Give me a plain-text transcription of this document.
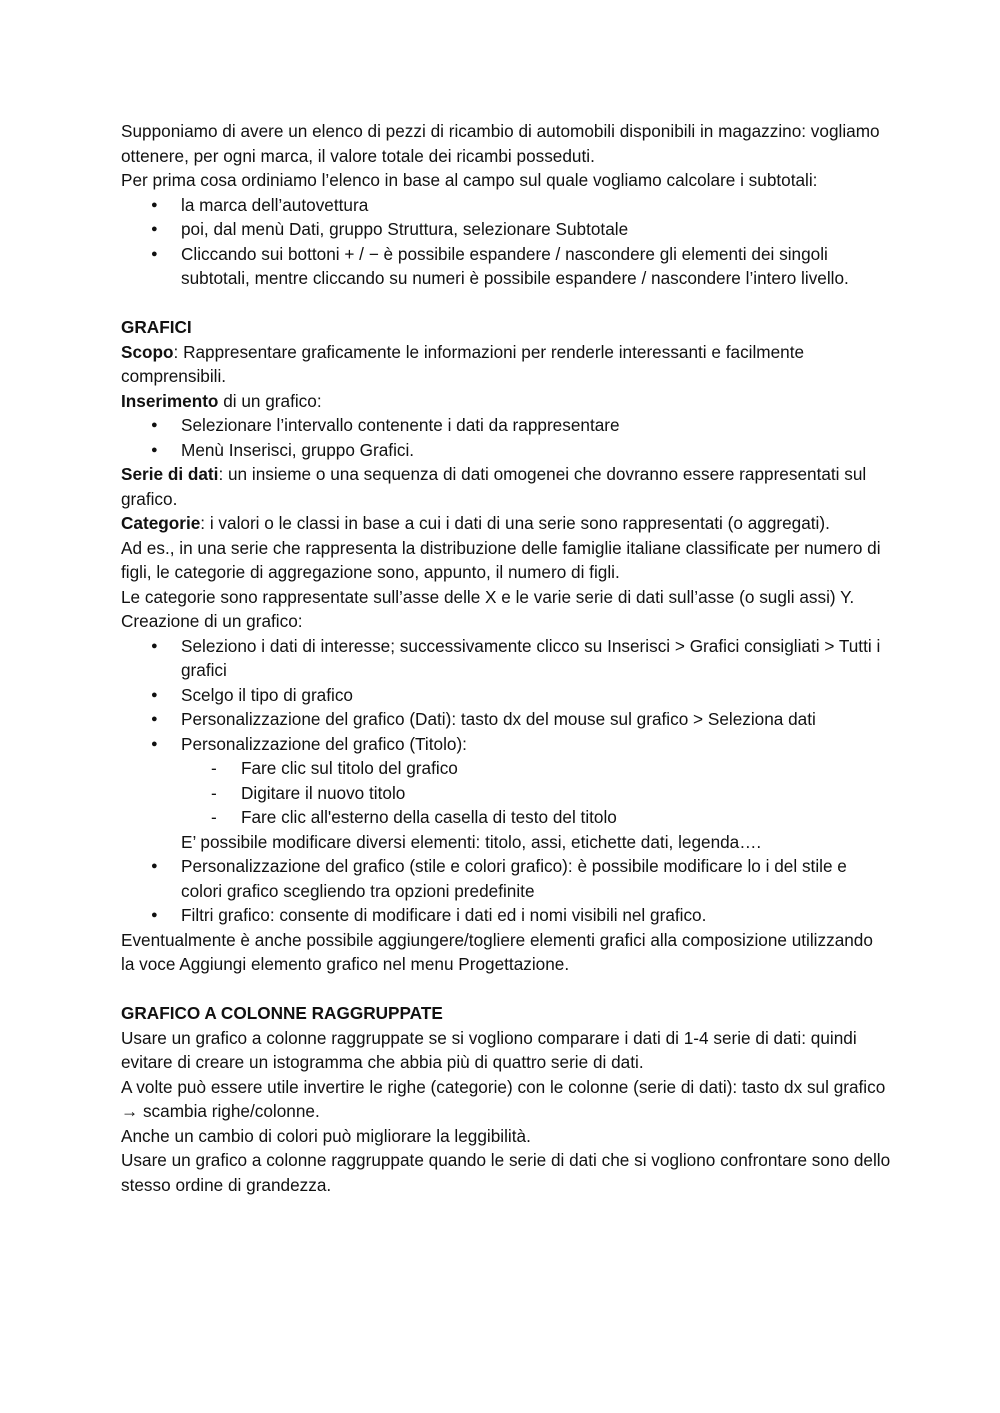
Supponiamo di avere un elenco di pezzi di ricambio di automobili disponibili in magazzino: vogliamo ottenere, per ogni marca, il valore totale dei ricambi posseduti.

Per prima cosa ordiniamo l’elenco in base al campo sul quale vogliamo calcolare i subtotali:

● la marca dell’autovettura
● poi, dal menù Dati, gruppo Struttura, selezionare Subtotale
● Cliccando sui bottoni + / − è possibile espandere / nascondere gli elementi dei singoli subtotali, mentre cliccando su numeri è possibile espandere / nascondere l’intero livello.

GRAFICI

Scopo: Rappresentare graficamente le informazioni per renderle interessanti e facilmente comprensibili.

Inserimento di un grafico:

● Selezionare l’intervallo contenente i dati da rappresentare
● Menù Inserisci, gruppo Grafici.

Serie di dati: un insieme o una sequenza di dati omogenei che dovranno essere rappresentati sul grafico.

Categorie: i valori o le classi in base a cui i dati di una serie sono rappresentati (o aggregati).

Ad es., in una serie che rappresenta la distribuzione delle famiglie italiane classificate per numero di figli, le categorie di aggregazione sono, appunto, il numero di figli.

Le categorie sono rappresentate sull’asse delle X e le varie serie di dati sull’asse (o sugli assi) Y.

Creazione di un grafico:

● Seleziono i dati di interesse; successivamente clicco su Inserisci > Grafici consigliati > Tutti i grafici
● Scelgo il tipo di grafico
● Personalizzazione del grafico (Dati): tasto dx del mouse sul grafico > Seleziona dati
● Personalizzazione del grafico (Titolo):
- Fare clic sul titolo del grafico
- Digitare il nuovo titolo
- Fare clic all'esterno della casella di testo del titolo

E’ possibile modificare diversi elementi: titolo, assi, etichette dati, legenda….

● Personalizzazione del grafico (stile e colori grafico): è possibile modificare lo i del stile e colori grafico scegliendo tra opzioni predefinite
● Filtri grafico: consente di modificare i dati ed i nomi visibili nel grafico.

Eventualmente è anche possibile aggiungere/togliere elementi grafici alla composizione utilizzando la voce Aggiungi elemento grafico nel menu Progettazione.

GRAFICO A COLONNE RAGGRUPPATE

Usare un grafico a colonne raggruppate se si vogliono comparare i dati di 1-4 serie di dati: quindi evitare di creare un istogramma che abbia più di quattro serie di dati.

A volte può essere utile invertire le righe (categorie) con le colonne (serie di dati): tasto dx sul grafico → scambia righe/colonne.

Anche un cambio di colori può migliorare la leggibilità.

Usare un grafico a colonne raggruppate quando le serie di dati che si vogliono confrontare sono dello stesso ordine di grandezza.
